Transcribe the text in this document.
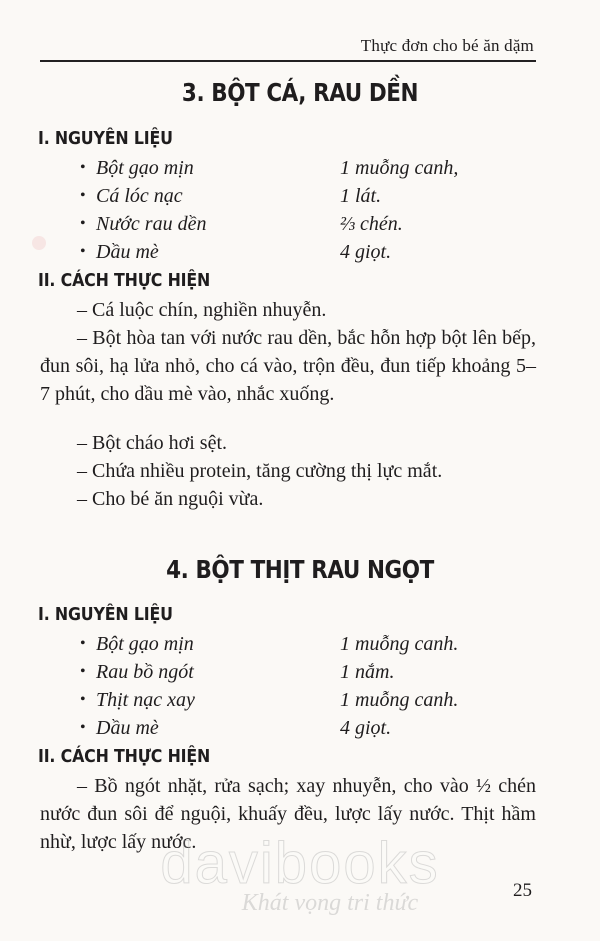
Thực đơn cho bé ăn dặm
3. BỘT CÁ, RAU DỀN
I. NGUYÊN LIỆU
• Bột gạo mịn	1 muỗng canh,
• Cá lóc nạc	1 lát.
• Nước rau dền	⅔ chén.
• Dầu mè	4 giọt.
II. CÁCH THỰC HIỆN
– Cá luộc chín, nghiền nhuyễn.
– Bột hòa tan với nước rau dền, bắc hỗn hợp bột lên bếp, đun sôi, hạ lửa nhỏ, cho cá vào, trộn đều, đun tiếp khoảng 5–7 phút, cho dầu mè vào, nhắc xuống.
– Bột cháo hơi sệt.
– Chứa nhiều protein, tăng cường thị lực mắt.
– Cho bé ăn nguội vừa.
4. BỘT THỊT RAU NGỌT
I. NGUYÊN LIỆU
• Bột gạo mịn	1 muỗng canh.
• Rau bồ ngót	1 nắm.
• Thịt nạc xay	1 muỗng canh.
• Dầu mè	4 giọt.
II. CÁCH THỰC HIỆN
– Bồ ngót nhặt, rửa sạch; xay nhuyễn, cho vào ½ chén nước đun sôi để nguội, khuấy đều, lược lấy nước. Thịt hầm nhừ, lược lấy nước.
davibooks
Khát vọng tri thức	25
